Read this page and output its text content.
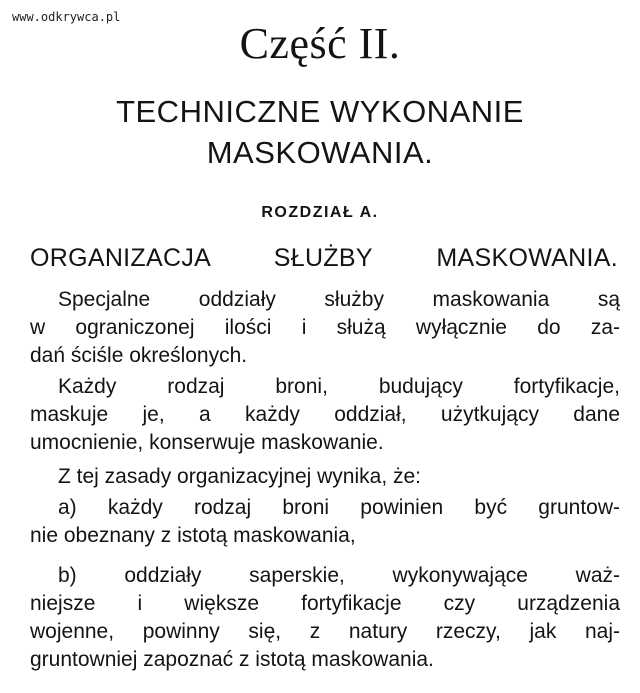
www.odkrywca.pl
Część II.
TECHNICZNE WYKONANIE
MASKOWANIA.
ROZDZIAŁ A.
ORGANIZACJA SŁUŻBY MASKOWANIA.
Specjalne oddziały służby maskowania są
w ograniczonej ilości i służą wyłącznie do za-
dań ściśle określonych.
Każdy rodzaj broni, budujący fortyfikacje,
maskuje je, a każdy oddział, użytkujący dane
umocnienie, konserwuje maskowanie.
Z tej zasady organizacyjnej wynika, że:
a) każdy rodzaj broni powinien być gruntow-
nie obeznany z istotą maskowania,
b) oddziały saperskie, wykonywające waż-
niejsze i większe fortyfikacje czy urządzenia
wojenne, powinny się, z natury rzeczy, jak naj-
gruntowniej zapoznać z istotą maskowania.
